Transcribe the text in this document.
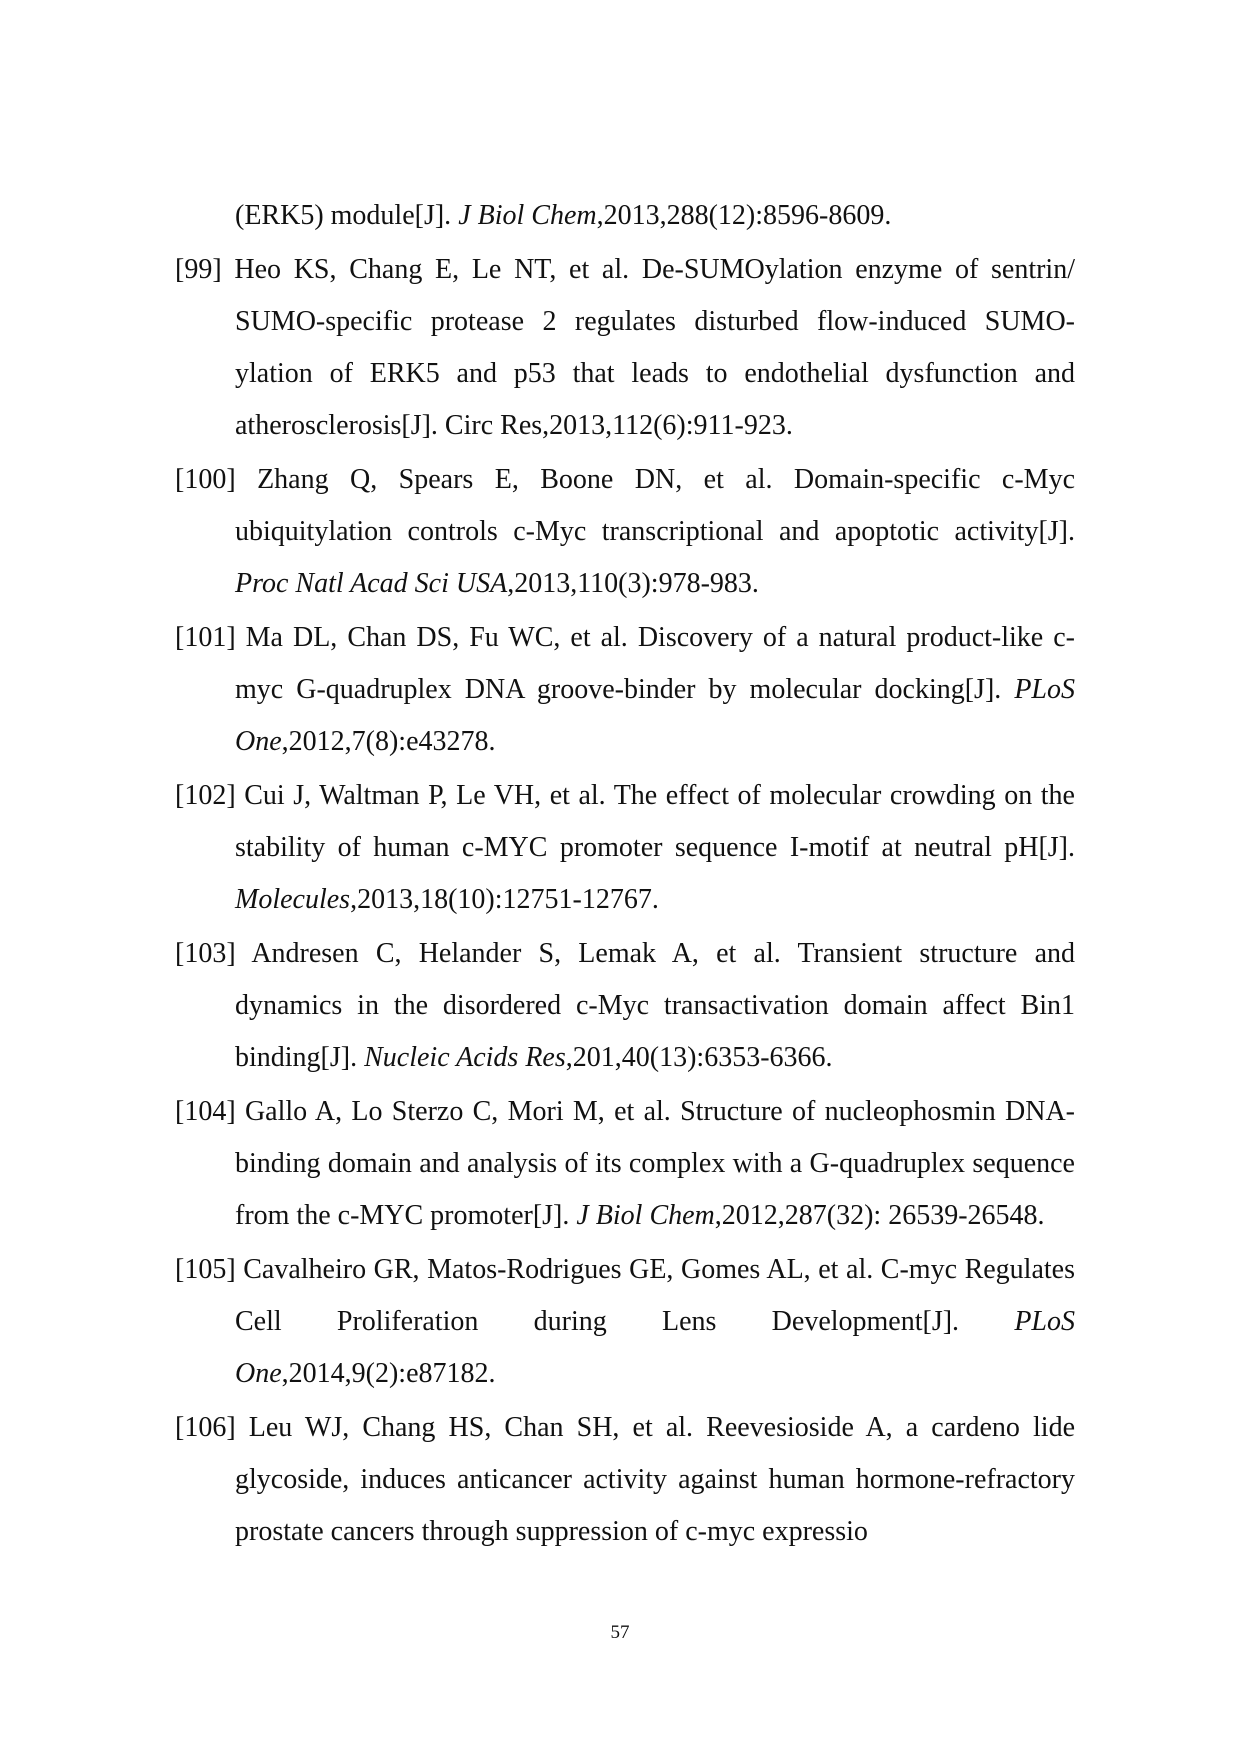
(ERK5) module[J]. J Biol Chem,2013,288(12):8596-8609.

[99] Heo KS, Chang E, Le NT, et al. De-SUMOylation enzyme of sentrin/ SUMO-specific protease 2 regulates disturbed flow-induced SUMO-ylation of ERK5 and p53 that leads to endothelial dysfunction and atherosclerosis[J]. Circ Res,2013,112(6):911-923.

[100] Zhang Q, Spears E, Boone DN, et al. Domain-specific c-Myc ubiquitylation controls c-Myc transcriptional and apoptotic activity[J]. Proc Natl Acad Sci USA,2013,110(3):978-983.

[101] Ma DL, Chan DS, Fu WC, et al. Discovery of a natural product-like c-myc G-quadruplex DNA groove-binder by molecular docking[J]. PLoS One,2012,7(8):e43278.

[102] Cui J, Waltman P, Le VH, et al. The effect of molecular crowding on the stability of human c-MYC promoter sequence I-motif at neutral pH[J]. Molecules,2013,18(10):12751-12767.

[103] Andresen C, Helander S, Lemak A, et al. Transient structure and dynamics in the disordered c-Myc transactivation domain affect Bin1 binding[J]. Nucleic Acids Res,201,40(13):6353-6366.

[104] Gallo A, Lo Sterzo C, Mori M, et al. Structure of nucleophosmin DNA-binding domain and analysis of its complex with a G-quadruplex sequence from the c-MYC promoter[J]. J Biol Chem,2012,287(32): 26539-26548.

[105] Cavalheiro GR, Matos-Rodrigues GE, Gomes AL, et al. C-myc Regulates Cell Proliferation during Lens Development[J]. PLoS One,2014,9(2):e87182.

[106] Leu WJ, Chang HS, Chan SH, et al. Reevesioside A, a cardeno lide glycoside, induces anticancer activity against human hormone-refractory prostate cancers through suppression of c-myc expressio

57
